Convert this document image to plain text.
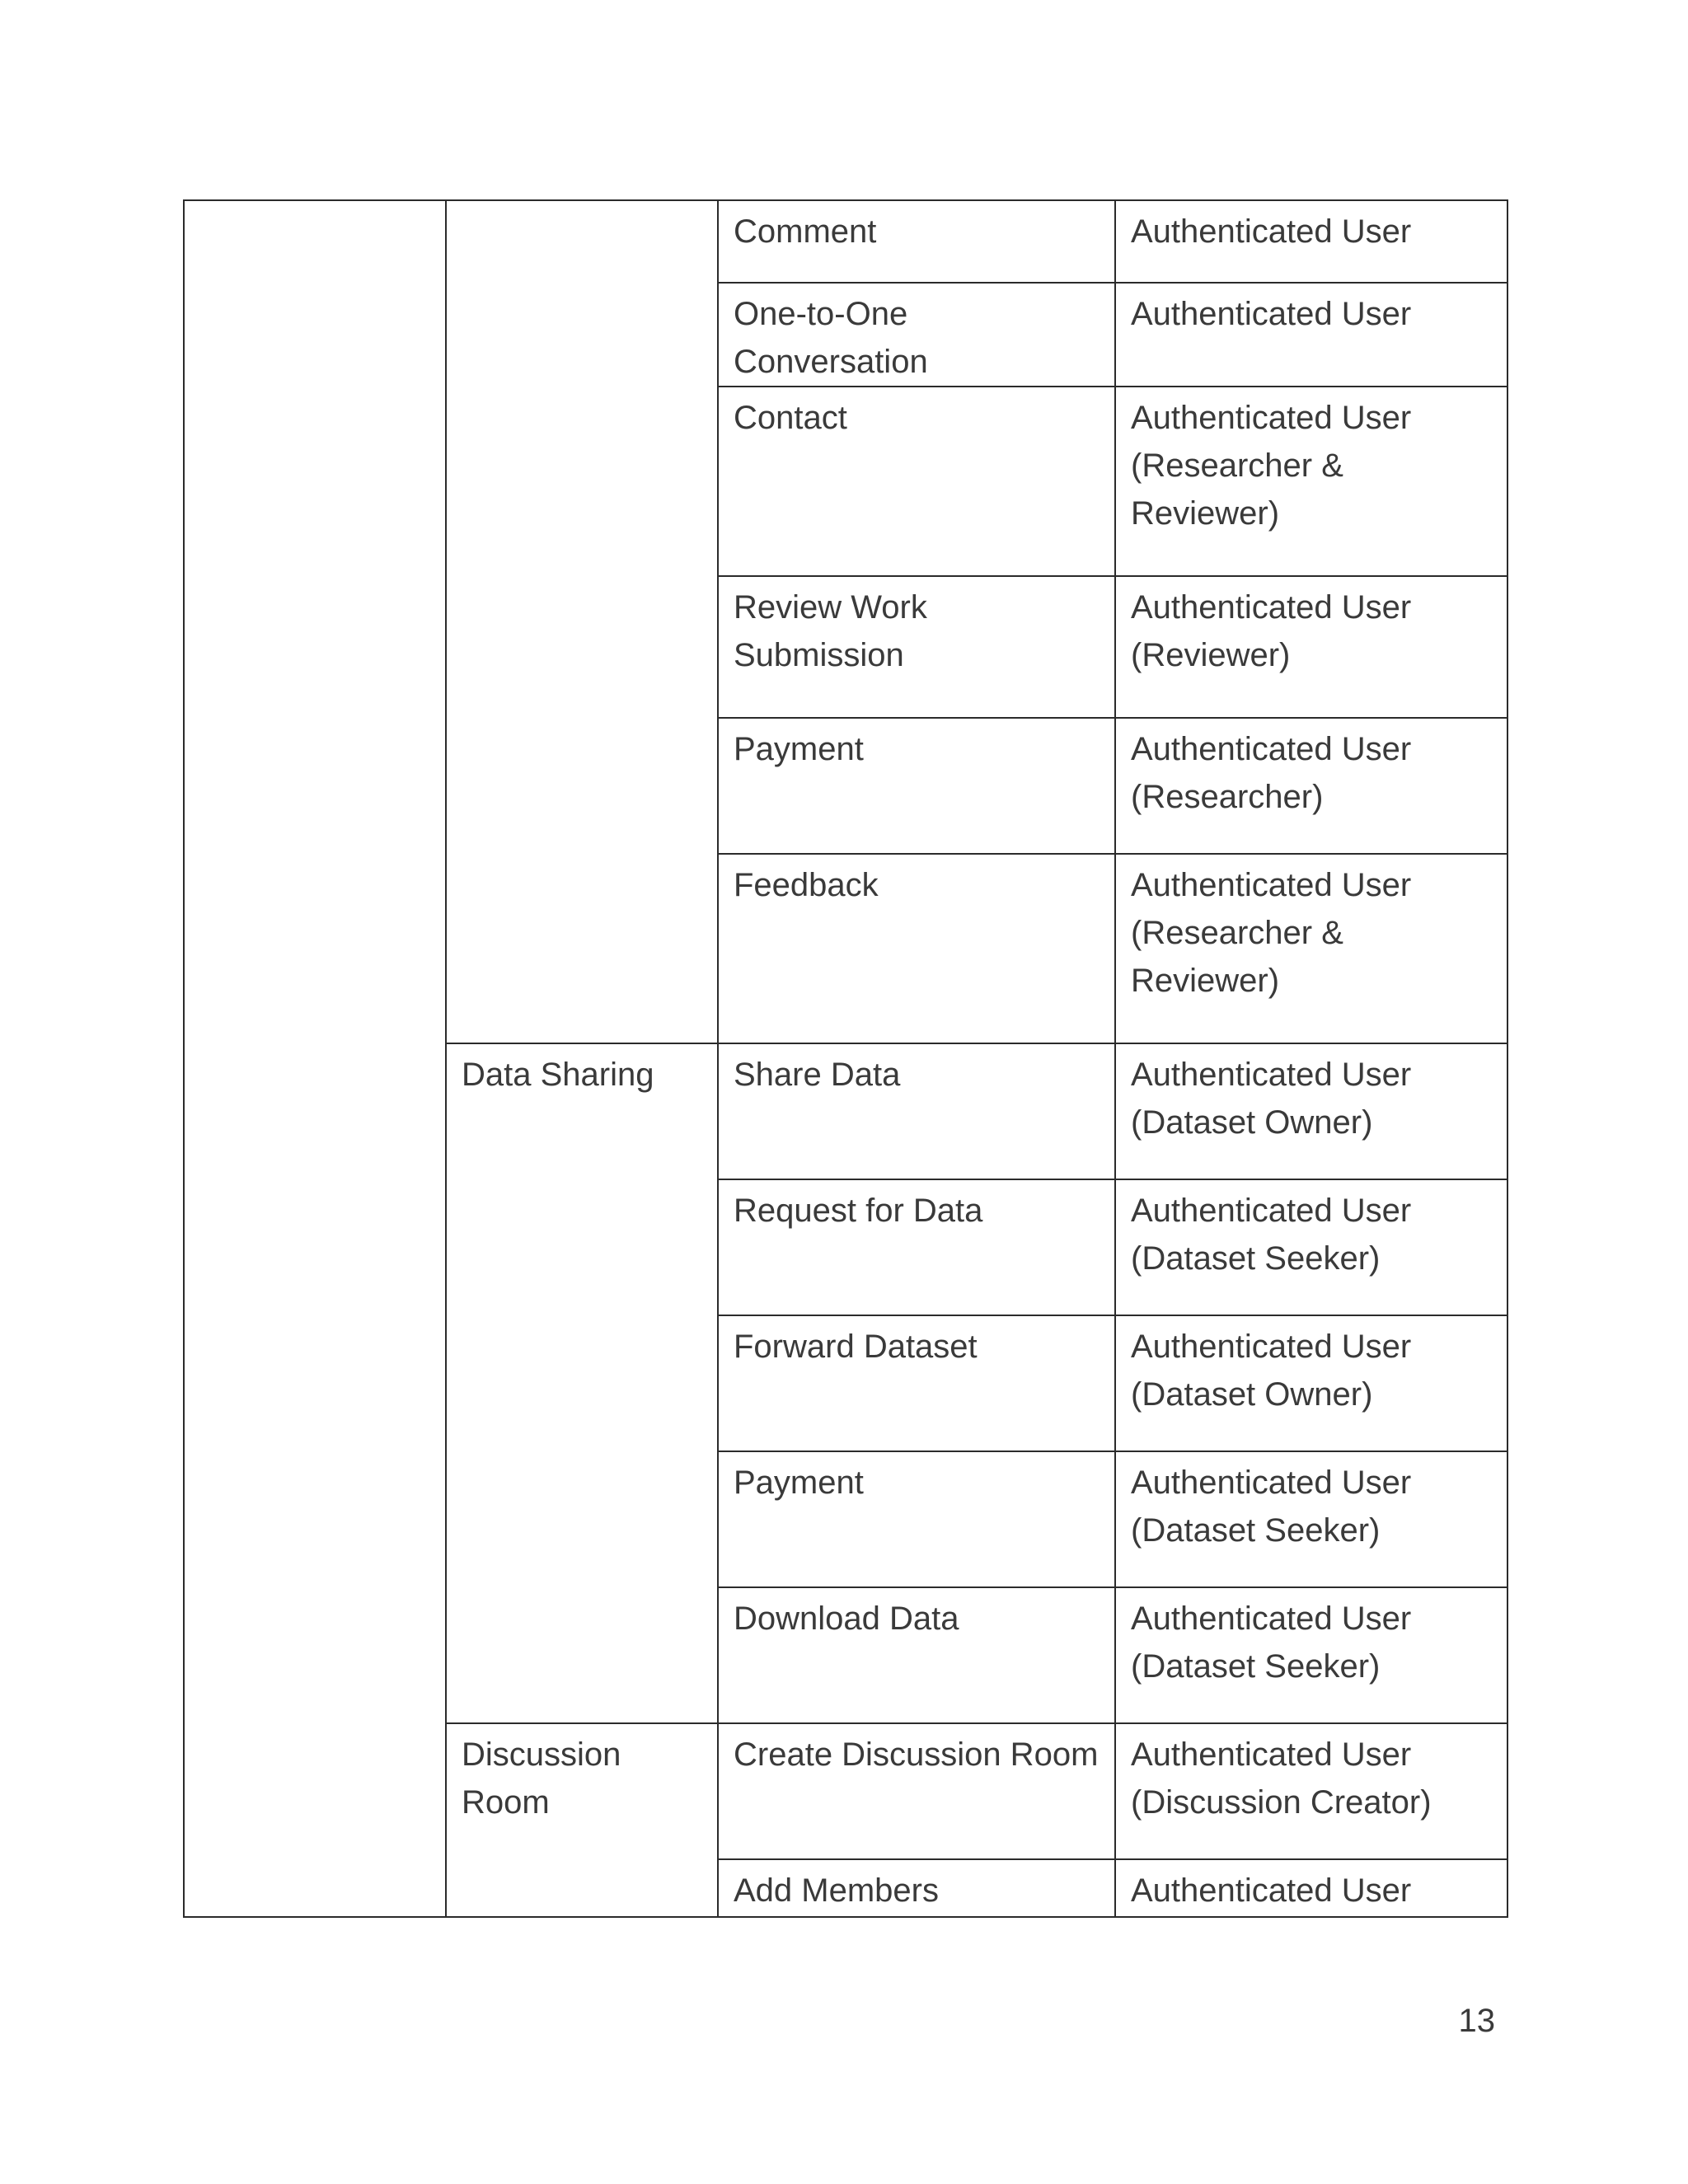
		Comment	Authenticated User
		One-to-One Conversation	Authenticated User
		Contact	Authenticated User (Researcher & Reviewer)
		Review Work Submission	Authenticated User (Reviewer)
		Payment	Authenticated User (Researcher)
		Feedback	Authenticated User (Researcher & Reviewer)
	Data Sharing	Share Data	Authenticated User (Dataset Owner)
		Request for Data	Authenticated User (Dataset Seeker)
		Forward Dataset	Authenticated User (Dataset Owner)
		Payment	Authenticated User (Dataset Seeker)
		Download Data	Authenticated User (Dataset Seeker)
	Discussion Room	Create Discussion Room	Authenticated User (Discussion Creator)
		Add Members	Authenticated User
13
